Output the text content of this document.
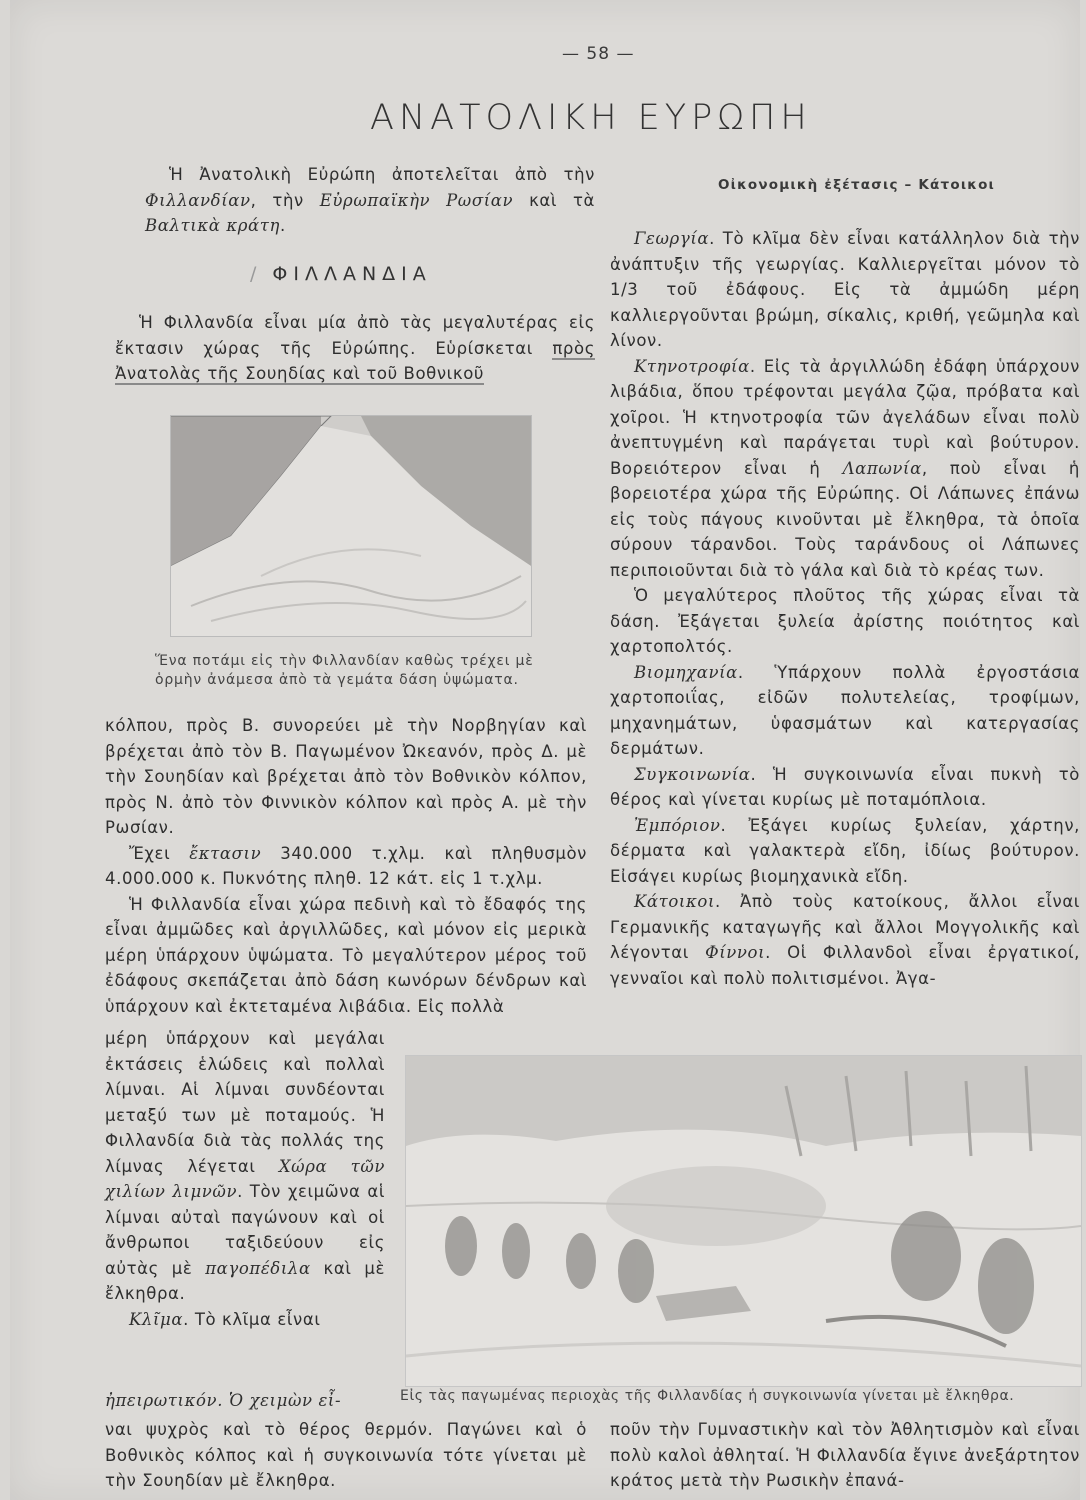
— 58 —
ΑΝΑΤΟΛΙΚΗ ΕΥΡΩΠΗ

Ἡ Ἀνατολικὴ Εὐρώπη ἀποτελεῖται ἀπὸ τὴν Φιλλανδίαν, τὴν Εὐρωπαϊκὴν Ρωσίαν καὶ τὰ Βαλτικὰ κράτη.

/ ΦΙΛΛΑΝΔΙΑ

Ἡ Φιλλανδία εἶναι μία ἀπὸ τὰς μεγαλυτέρας εἰς ἔκτασιν χώρας τῆς Εὐρώπης. Εὑρίσκεται πρὸς Ἀνατολὰς τῆς Σουηδίας καὶ τοῦ Βοθνικοῦ

Ἕνα ποτάμι εἰς τὴν Φιλλανδίαν καθὼς τρέχει μὲ ὁρμὴν ἀνάμεσα ἀπὸ τὰ γεμάτα δάση ὑψώματα.

κόλπου, πρὸς Β. συνορεύει μὲ τὴν Νορβηγίαν καὶ βρέχεται ἀπὸ τὸν Β. Παγωμένον Ὠκεανόν, πρὸς Δ. μὲ τὴν Σουηδίαν καὶ βρέχεται ἀπὸ τὸν Βοθνικὸν κόλπον, πρὸς Ν. ἀπὸ τὸν Φιννικὸν κόλπον καὶ πρὸς Α. μὲ τὴν Ρωσίαν.

Ἔχει ἔκτασιν 340.000 τ.χλμ. καὶ πληθυσμὸν 4.000.000 κ. Πυκνότης πληθ. 12 κάτ. εἰς 1 τ.χλμ.

Ἡ Φιλλανδία εἶναι χώρα πεδινὴ καὶ τὸ ἔδαφός της εἶναι ἀμμῶδες καὶ ἀργιλλῶδες, καὶ μόνον εἰς μερικὰ μέρη ὑπάρχουν ὑψώματα. Τὸ μεγαλύτερον μέρος τοῦ ἐδάφους σκεπάζεται ἀπὸ δάση κωνόρων δένδρων καὶ ὑπάρχουν καὶ ἐκτεταμένα λιβάδια. Εἰς πολλὰ

μέρη ὑπάρχουν καὶ μεγάλαι ἐκτάσεις ἑλώδεις καὶ πολλαὶ λίμναι. Αἱ λίμναι συνδέονται μεταξύ των μὲ ποταμούς. Ἡ Φιλλανδία διὰ τὰς πολλάς της λίμνας λέγεται Χώρα τῶν χιλίων λιμνῶν. Τὸν χειμῶνα αἱ λίμναι αὐταὶ παγώνουν καὶ οἱ ἄνθρωποι ταξιδεύουν εἰς αὐτὰς μὲ παγοπέδιλα καὶ μὲ ἔλκηθρα.

Κλῖμα. Τὸ κλῖμα εἶναι

Εἰς τὰς παγωμένας περιοχὰς τῆς Φιλλανδίας ἡ συγκοινωνία γίνεται μὲ ἔλκηθρα.

ἠπειρωτικόν. Ὁ χειμὼν εἶ-

ναι ψυχρὸς καὶ τὸ θέρος θερμόν. Παγώνει καὶ ὁ Βοθνικὸς κόλπος καὶ ἡ συγκοινωνία τότε γίνεται μὲ τὴν Σουηδίαν μὲ ἔλκηθρα.

Οἰκονομικὴ ἐξέτασις – Κάτοικοι

Γεωργία. Τὸ κλῖμα δὲν εἶναι κατάλληλον διὰ τὴν ἀνάπτυξιν τῆς γεωργίας. Καλλιεργεῖται μόνον τὸ 1/3 τοῦ ἐδάφους. Εἰς τὰ ἀμμώδη μέρη καλλιεργοῦνται βρώμη, σίκαλις, κριθή, γεῶμηλα καὶ λίνον.

Κτηνοτροφία. Εἰς τὰ ἀργιλλώδη ἐδάφη ὑπάρχουν λιβάδια, ὅπου τρέφονται μεγάλα ζῷα, πρόβατα καὶ χοῖροι. Ἡ κτηνοτροφία τῶν ἀγελάδων εἶναι πολὺ ἀνεπτυγμένη καὶ παράγεται τυρὶ καὶ βούτυρον. Βορειότερον εἶναι ἡ Λαπωνία, ποὺ εἶναι ἡ βορειοτέρα χώρα τῆς Εὐρώπης. Οἱ Λάπωνες ἐπάνω εἰς τοὺς πάγους κινοῦνται μὲ ἔλκηθρα, τὰ ὁποῖα σύρουν τάρανδοι. Τοὺς ταράνδους οἱ Λάπωνες περιποιοῦνται διὰ τὸ γάλα καὶ διὰ τὸ κρέας των.

Ὁ μεγαλύτερος πλοῦτος τῆς χώρας εἶναι τὰ δάση. Ἐξάγεται ξυλεία ἀρίστης ποιότητος καὶ χαρτοπολτός.

Βιομηχανία. Ὑπάρχουν πολλὰ ἐργοστάσια χαρτοποιΐας, εἰδῶν πολυτελείας, τροφίμων, μηχανημάτων, ὑφασμάτων καὶ κατεργασίας δερμάτων.

Συγκοινωνία. Ἡ συγκοινωνία εἶναι πυκνὴ τὸ θέρος καὶ γίνεται κυρίως μὲ ποταμόπλοια.

Ἐμπόριον. Ἐξάγει κυρίως ξυλείαν, χάρτην, δέρματα καὶ γαλακτερὰ εἴδη, ἰδίως βούτυρον. Εἰσάγει κυρίως βιομηχανικὰ εἴδη.

Κάτοικοι. Ἀπὸ τοὺς κατοίκους, ἄλλοι εἶναι Γερμανικῆς καταγωγῆς καὶ ἄλλοι Μογγολικῆς καὶ λέγονται Φίννοι. Οἱ Φιλλανδοὶ εἶναι ἐργατικοί, γενναῖοι καὶ πολὺ πολιτισμένοι. Ἀγα-

ποῦν τὴν Γυμναστικὴν καὶ τὸν Ἀθλητισμὸν καὶ εἶναι πολὺ καλοὶ ἀθληταί. Ἡ Φιλλανδία ἔγινε ἀνεξάρτητον κράτος μετὰ τὴν Ρωσικὴν ἐπανά-
